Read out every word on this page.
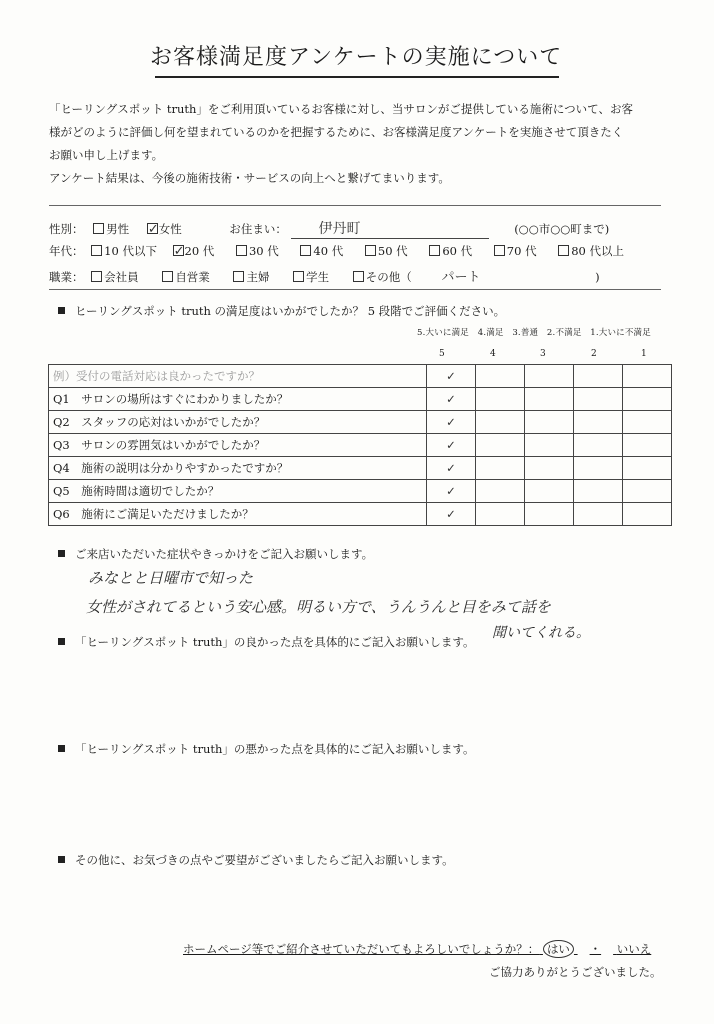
お客様満足度アンケートの実施について
「ヒーリングスポット truth」をご利用頂いているお客様に対し、当サロンがご提供している施術について、お客
様がどのように評価し何を望まれているのかを把握するために、お客様満足度アンケートを実施させて頂きたく
お願い申し上げます。
アンケート結果は、今後の施術技術・サービスの向上へと繋げてまいります。
性別： 男性 ✓女性	お住まい： 伊丹町	(○○市○○町まで)
年代： 10 代以下 ✓20 代	30 代	40 代	50 代	60 代	70 代	80 代以上
職業： 会社員	自営業	主婦	学生	その他（ パート	)
ヒーリングスポット truth の満足度はいかがでしたか？ 5 段階でご評価ください。
5.大いに満足　4.満足　3.普通　2.不満足　1.大いに不満足
5	4	3	2	1
例）受付の電話対応は良かったですか？	✓				
Q1　サロンの場所はすぐにわかりましたか？	✓				
Q2　スタッフの応対はいかがでしたか？	✓				
Q3　サロンの雰囲気はいかがでしたか？	✓				
Q4　施術の説明は分かりやすかったですか？	✓				
Q5　施術時間は適切でしたか？	✓				
Q6　施術にご満足いただけましたか？	✓				
ご来店いただいた症状やきっかけをご記入お願いします。
みなとと日曜市で知った
女性がされてるという安心感。明るい方で、うんうんと目をみて話を
「ヒーリングスポット truth」の良かった点を具体的にご記入お願いします。
聞いてくれる。
「ヒーリングスポット truth」の悪かった点を具体的にご記入お願いします。
その他に、お気づきの点やご要望がございましたらご記入お願いします。
ホームページ等でご紹介させていただいてもよろしいでしょうか？： はい ・ いいえ
ご協力ありがとうございました。
